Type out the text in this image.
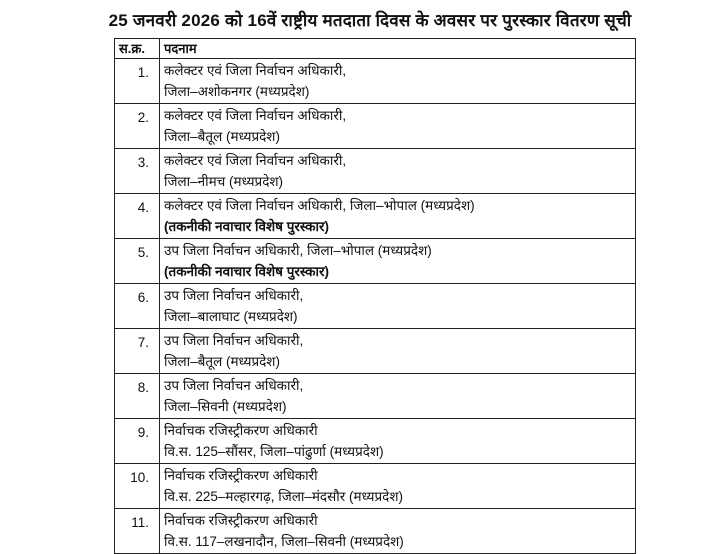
25 जनवरी 2026 को 16वें राष्ट्रीय मतदाता दिवस के अवसर पर पुरस्कार वितरण सूची
स.क्र.	पदनाम
1.	कलेक्टर एवं जिला निर्वाचन अधिकारी,
जिला–अशोकनगर (मध्यप्रदेश)

2.	कलेक्टर एवं जिला निर्वाचन अधिकारी,
जिला–बैतूल (मध्यप्रदेश)

3.	कलेक्टर एवं जिला निर्वाचन अधिकारी,
जिला–नीमच (मध्यप्रदेश)

4.	कलेक्टर एवं जिला निर्वाचन अधिकारी, जिला–भोपाल (मध्यप्रदेश)
(तकनीकी नवाचार विशेष पुरस्कार)

5.	उप जिला निर्वाचन अधिकारी, जिला–भोपाल (मध्यप्रदेश)
(तकनीकी नवाचार विशेष पुरस्कार)

6.	उप जिला निर्वाचन अधिकारी,
जिला–बालाघाट (मध्यप्रदेश)

7.	उप जिला निर्वाचन अधिकारी,
जिला–बैतूल (मध्यप्रदेश)

8.	उप जिला निर्वाचन अधिकारी,
जिला–सिवनी (मध्यप्रदेश)

9.	निर्वाचक रजिस्ट्रीकरण अधिकारी
वि.स. 125–सौंसर, जिला–पांढुर्णा (मध्यप्रदेश)

10.	निर्वाचक रजिस्ट्रीकरण अधिकारी
वि.स. 225–मल्हारगढ़, जिला–मंदसौर (मध्यप्रदेश)

11.	निर्वाचक रजिस्ट्रीकरण अधिकारी
वि.स. 117–लखनादौन, जिला–सिवनी (मध्यप्रदेश)
